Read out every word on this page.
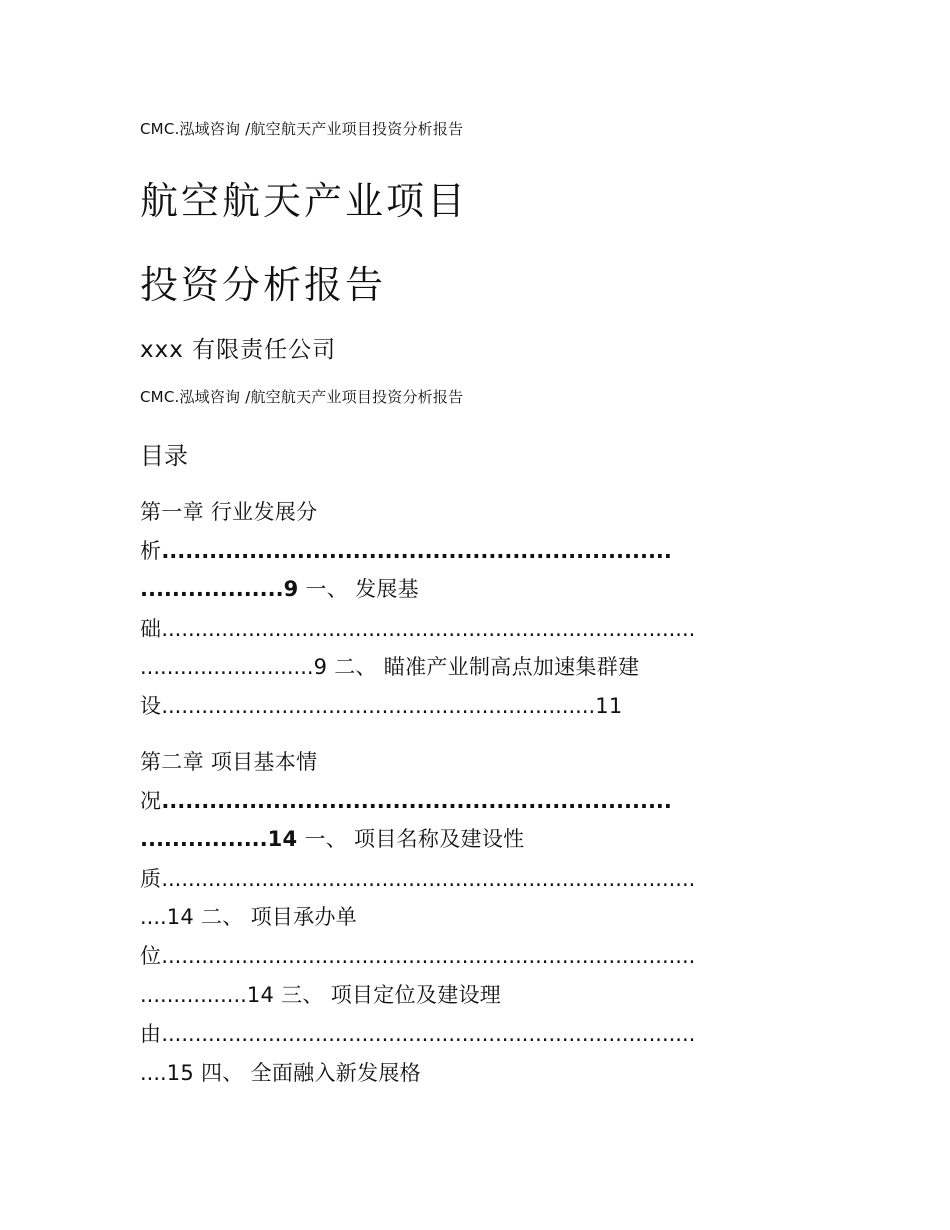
CMC.泓域咨询 /航空航天产业项目投资分析报告

航空航天产业项目
投资分析报告

xxx 有限责任公司

CMC.泓域咨询 /航空航天产业项目投资分析报告

目录

第一章 行业发展分
析................................................................
..................9 一、 发展基
础................................................................................
..........................9 二、 瞄准产业制高点加速集群建
设.................................................................11
第二章 项目基本情
况................................................................
................14 一、 项目名称及建设性
质................................................................................
....14 二、 项目承办单
位................................................................................
................14 三、 项目定位及建设理
由................................................................................
....15 四、 全面融入新发展格
